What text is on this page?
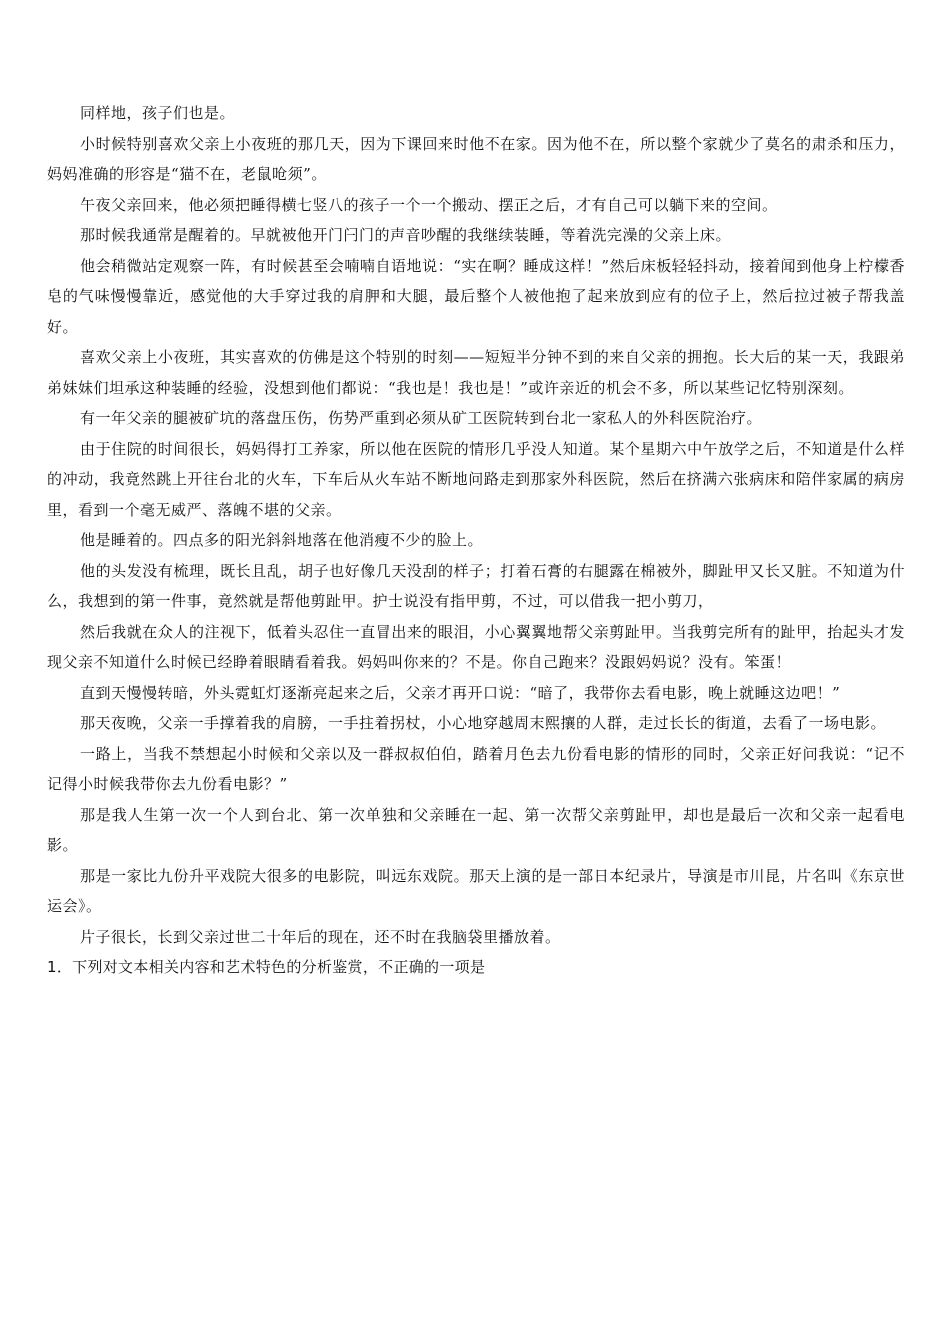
同样地，孩子们也是。

小时候特别喜欢父亲上小夜班的那几天，因为下课回来时他不在家。因为他不在，所以整个家就少了莫名的肃杀和压力，妈妈准确的形容是“猫不在，老鼠呛须”。

午夜父亲回来，他必须把睡得横七竖八的孩子一个一个搬动、摆正之后，才有自己可以躺下来的空间。

那时候我通常是醒着的。早就被他开门闩门的声音吵醒的我继续装睡，等着洗完澡的父亲上床。

他会稍微站定观察一阵，有时候甚至会喃喃自语地说：“实在啊？睡成这样！”然后床板轻轻抖动，接着闻到他身上柠檬香皂的气味慢慢靠近，感觉他的大手穿过我的肩胛和大腿，最后整个人被他抱了起来放到应有的位子上，然后拉过被子帮我盖好。

喜欢父亲上小夜班，其实喜欢的仿佛是这个特别的时刻——短短半分钟不到的来自父亲的拥抱。长大后的某一天，我跟弟弟妹妹们坦承这种装睡的经验，没想到他们都说：“我也是！我也是！”或许亲近的机会不多，所以某些记忆特别深刻。

有一年父亲的腿被矿坑的落盘压伤，伤势严重到必须从矿工医院转到台北一家私人的外科医院治疗。

由于住院的时间很长，妈妈得打工养家，所以他在医院的情形几乎没人知道。某个星期六中午放学之后，不知道是什么样的冲动，我竟然跳上开往台北的火车，下车后从火车站不断地问路走到那家外科医院，然后在挤满六张病床和陪伴家属的病房里，看到一个毫无威严、落魄不堪的父亲。

他是睡着的。四点多的阳光斜斜地落在他消瘦不少的脸上。

他的头发没有梳理，既长且乱，胡子也好像几天没刮的样子；打着石膏的右腿露在棉被外，脚趾甲又长又脏。不知道为什么，我想到的第一件事，竟然就是帮他剪趾甲。护士说没有指甲剪，不过，可以借我一把小剪刀，

然后我就在众人的注视下，低着头忍住一直冒出来的眼泪，小心翼翼地帮父亲剪趾甲。当我剪完所有的趾甲，抬起头才发现父亲不知道什么时候已经睁着眼睛看着我。妈妈叫你来的？不是。你自己跑来？没跟妈妈说？没有。笨蛋！

直到天慢慢转暗，外头霓虹灯逐渐亮起来之后，父亲才再开口说：“暗了，我带你去看电影，晚上就睡这边吧！”

那天夜晚，父亲一手撑着我的肩膀，一手拄着拐杖，小心地穿越周末熙攘的人群，走过长长的街道，去看了一场电影。

一路上，当我不禁想起小时候和父亲以及一群叔叔伯伯，踏着月色去九份看电影的情形的同时，父亲正好问我说：“记不记得小时候我带你去九份看电影？”

那是我人生第一次一个人到台北、第一次单独和父亲睡在一起、第一次帮父亲剪趾甲，却也是最后一次和父亲一起看电影。

那是一家比九份升平戏院大很多的电影院，叫远东戏院。那天上演的是一部日本纪录片，导演是市川昆，片名叫《东京世运会》。

片子很长，长到父亲过世二十年后的现在，还不时在我脑袋里播放着。

1．下列对文本相关内容和艺术特色的分析鉴赏，不正确的一项是
